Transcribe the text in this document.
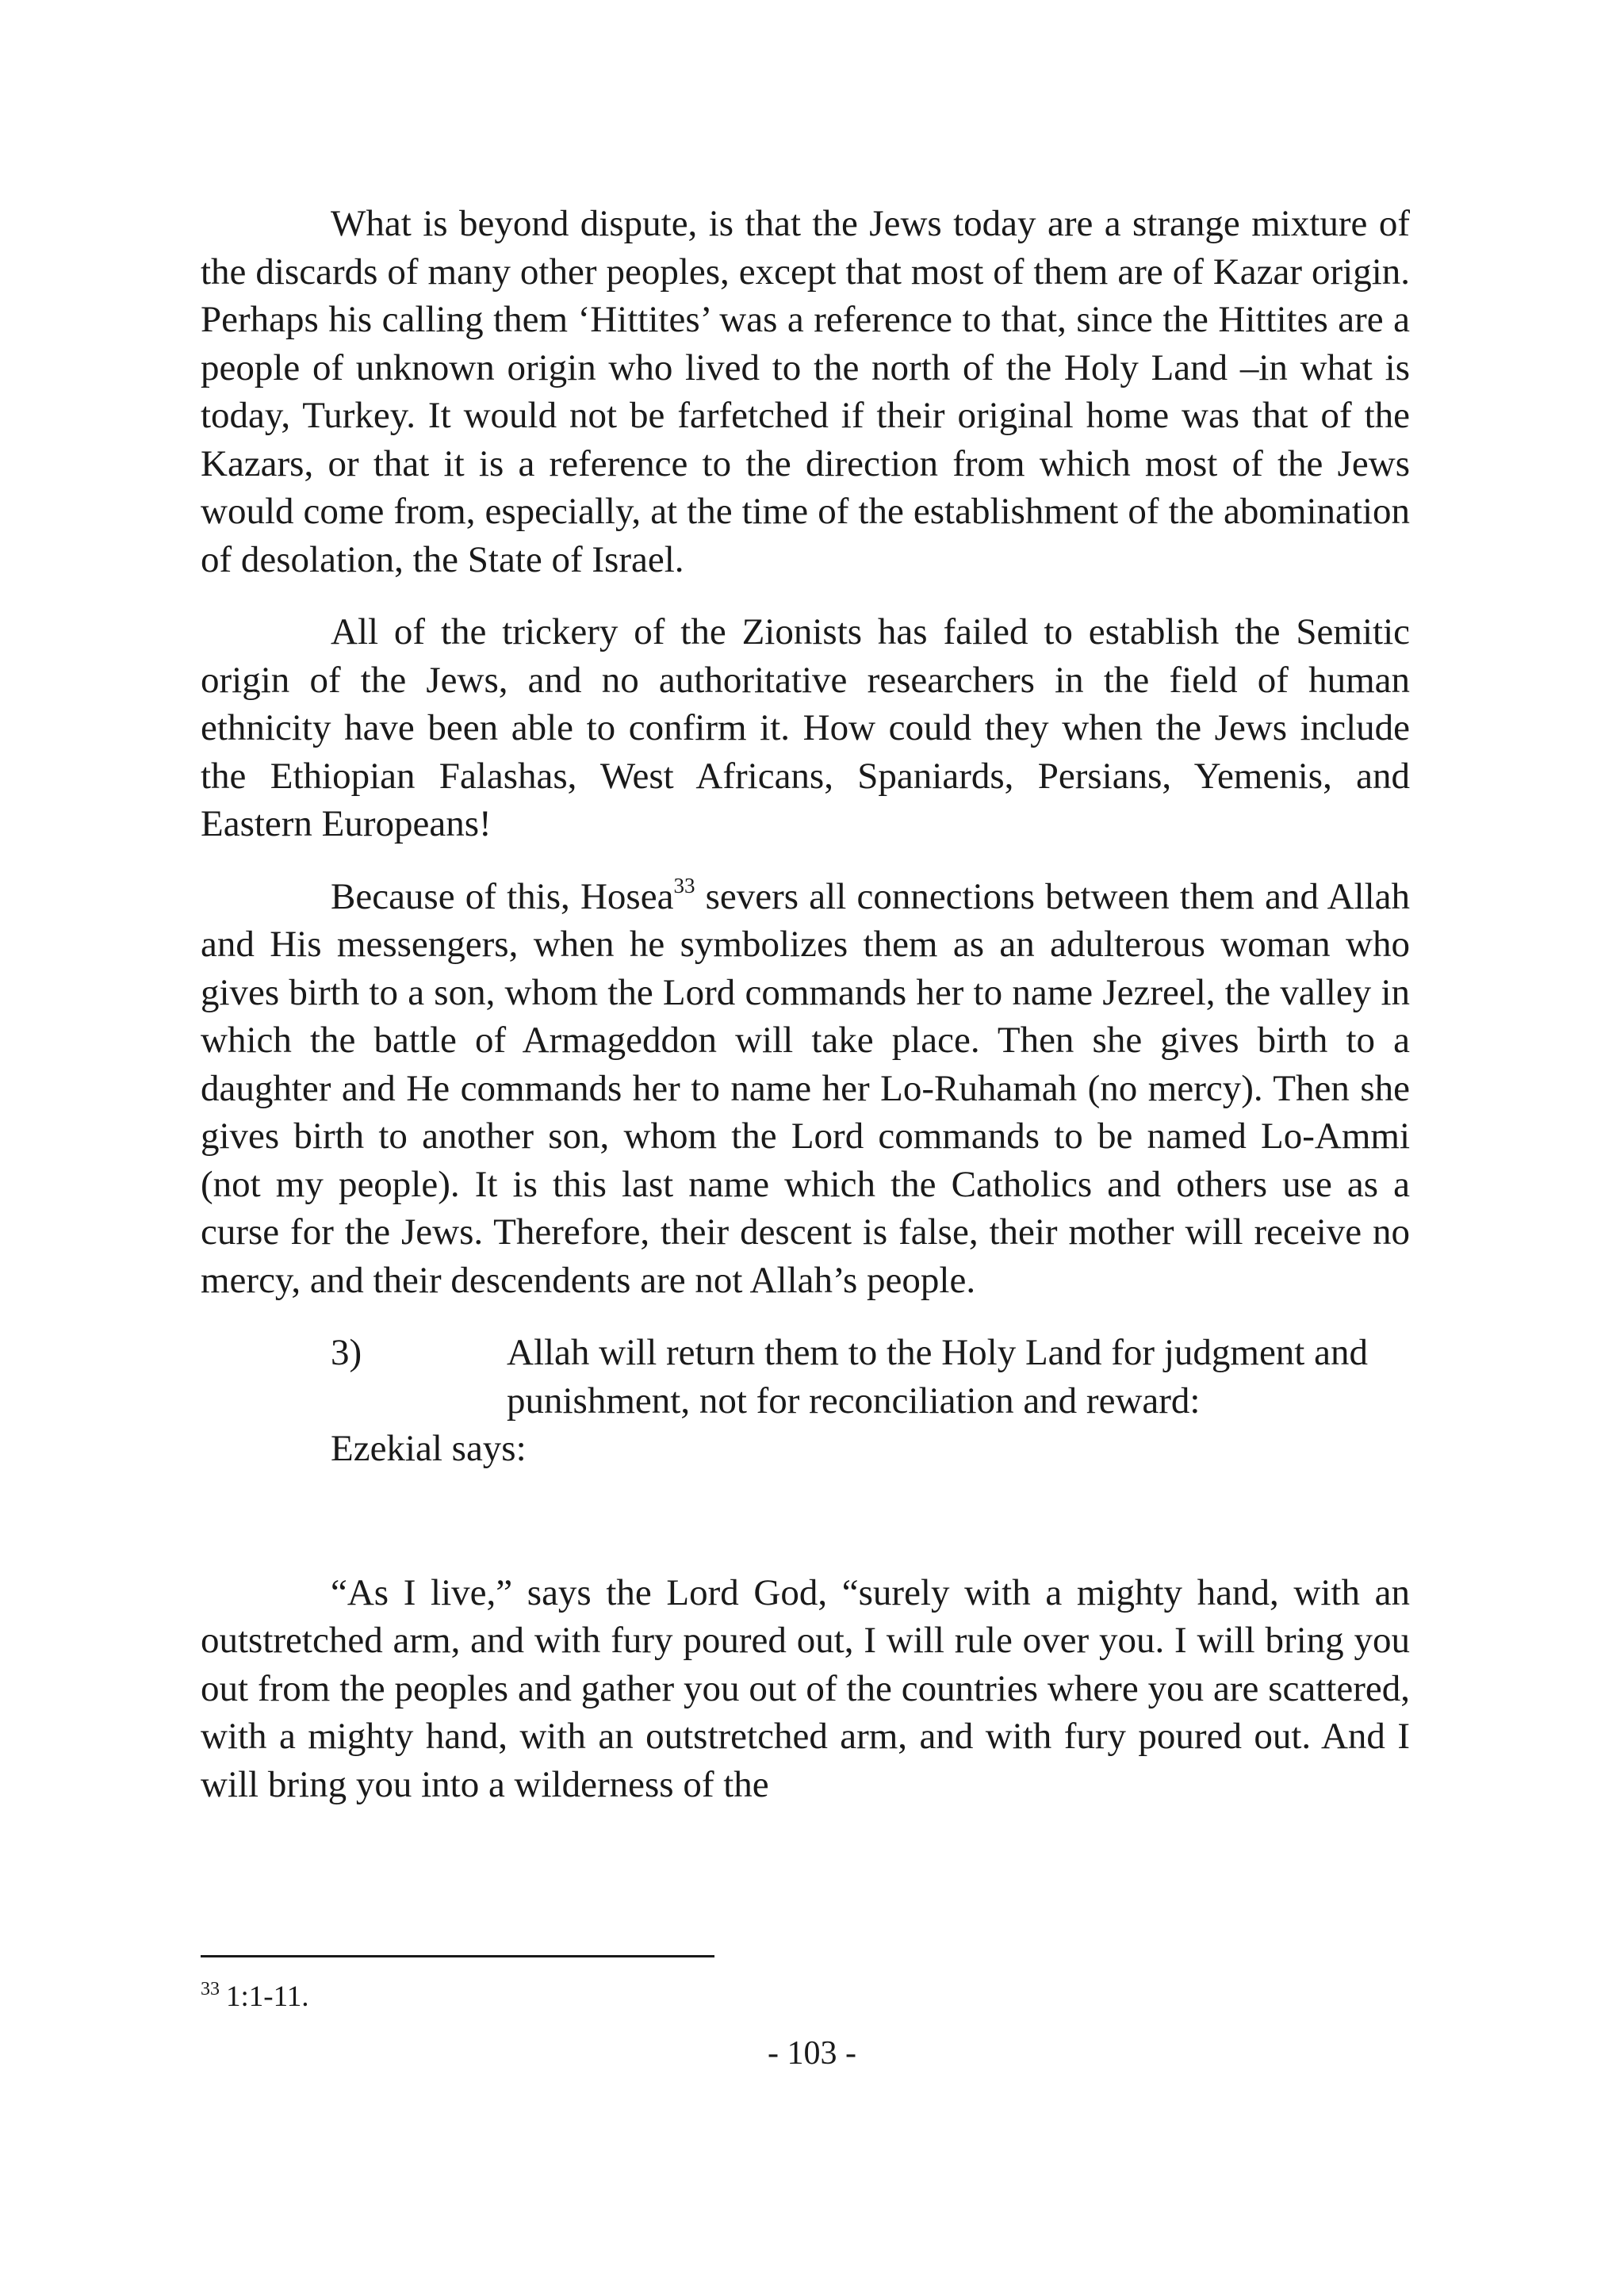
What is beyond dispute, is that the Jews today are a strange mixture of the discards of many other peoples, except that most of them are of Kazar origin. Perhaps his calling them ‘Hittites’ was a reference to that, since the Hittites are a people of unknown origin who lived to the north of the Holy Land –in what is today, Turkey. It would not be farfetched if their original home was that of the Kazars, or that it is a reference to the direction from which most of the Jews would come from, especially, at the time of the establishment of the abomination of desolation, the State of Israel.

All of the trickery of the Zionists has failed to establish the Semitic origin of the Jews, and no authoritative researchers in the field of human ethnicity have been able to confirm it. How could they when the Jews include the Ethiopian Falashas, West Africans, Spaniards, Persians, Yemenis, and Eastern Europeans!

Because of this, Hosea$^{33}$ severs all connections between them and Allah and His messengers, when he symbolizes them as an adulterous woman who gives birth to a son, whom the Lord commands her to name Jezreel, the valley in which the battle of Armageddon will take place. Then she gives birth to a daughter and He commands her to name her Lo-Ruhamah (no mercy). Then she gives birth to another son, whom the Lord commands to be named Lo-Ammi (not my people). It is this last name which the Catholics and others use as a curse for the Jews. Therefore, their descent is false, their mother will receive no mercy, and their descendents are not Allah’s people.

3)	Allah will return them to the Holy Land for judgment and punishment, not for reconciliation and reward:

Ezekial says:

“As I live,” says the Lord God, “surely with a mighty hand, with an outstretched arm, and with fury poured out, I will rule over you. I will bring you out from the peoples and gather you out of the countries where you are scattered, with a mighty hand, with an outstretched arm, and with fury poured out. And I will bring you into a wilderness of the

$^{33}$ 1:1-11.
- 103 -
